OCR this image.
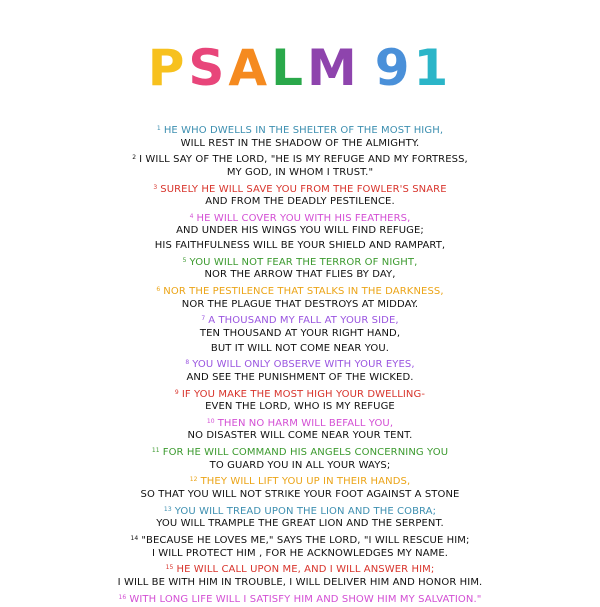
PSALM 91
$^1$ HE WHO DWELLS IN THE SHELTER OF THE MOST HIGH,
WILL REST IN THE SHADOW OF THE ALMIGHTY.
$^2$ I WILL SAY OF THE LORD, "HE IS MY REFUGE AND MY FORTRESS,
MY GOD, IN WHOM I TRUST."
$^3$ SURELY HE WILL SAVE YOU FROM THE FOWLER'S SNARE
AND FROM THE DEADLY PESTILENCE.
$^4$ HE WILL COVER YOU WITH HIS FEATHERS,
AND UNDER HIS WINGS YOU WILL FIND REFUGE;
HIS FAITHFULNESS WILL BE YOUR SHIELD AND RAMPART,
$^5$ YOU WILL NOT FEAR THE TERROR OF NIGHT,
NOR THE ARROW THAT FLIES BY DAY,
$^6$ NOR THE PESTILENCE THAT STALKS IN THE DARKNESS,
NOR THE PLAGUE THAT DESTROYS AT MIDDAY.
$^7$ A THOUSAND MY FALL AT YOUR SIDE,
TEN THOUSAND AT YOUR RIGHT HAND,
BUT IT WILL NOT COME NEAR YOU.
$^8$ YOU WILL ONLY OBSERVE WITH YOUR EYES,
AND SEE THE PUNISHMENT OF THE WICKED.
$^9$ IF YOU MAKE THE MOST HIGH YOUR DWELLING-
EVEN THE LORD, WHO IS MY REFUGE
$^{10}$ THEN NO HARM WILL BEFALL YOU,
NO DISASTER WILL COME NEAR YOUR TENT.
$^{11}$ FOR HE WILL COMMAND HIS ANGELS CONCERNING YOU
TO GUARD YOU IN ALL YOUR WAYS;
$^{12}$ THEY WILL LIFT YOU UP IN THEIR HANDS,
SO THAT YOU WILL NOT STRIKE YOUR FOOT AGAINST A STONE
$^{13}$ YOU WILL TREAD UPON THE LION AND THE COBRA;
YOU WILL TRAMPLE THE GREAT LION AND THE SERPENT.
$^{14}$ "BECAUSE HE LOVES ME," SAYS THE LORD, "I WILL RESCUE HIM;
I WILL PROTECT HIM , FOR HE ACKNOWLEDGES MY NAME.
$^{15}$ HE WILL CALL UPON ME, AND I WILL ANSWER HIM;
I WILL BE WITH HIM IN TROUBLE, I WILL DELIVER HIM AND HONOR HIM.
$^{16}$ WITH LONG LIFE WILL I SATISFY HIM AND SHOW HIM MY SALVATION."
